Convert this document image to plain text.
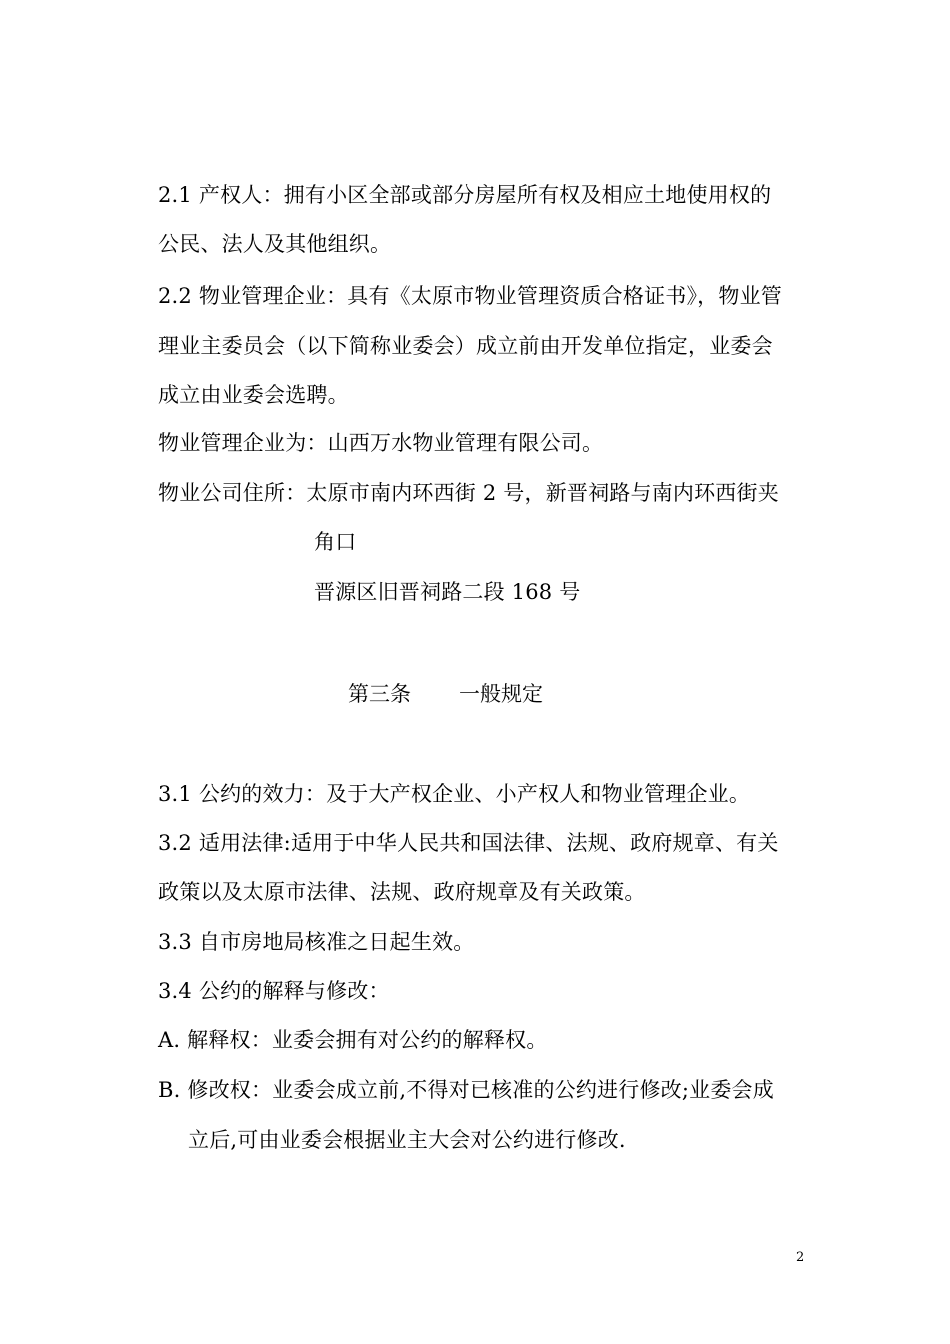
2.1 产权人：拥有小区全部或部分房屋所有权及相应土地使用权的
公民、法人及其他组织。
2.2 物业管理企业：具有《太原市物业管理资质合格证书》，物业管
理业主委员会（以下简称业委会）成立前由开发单位指定，业委会
成立由业委会选聘。
物业管理企业为：山西万水物业管理有限公司。
物业公司住所：太原市南内环西街 2 号，新晋祠路与南内环西街夹
角口
晋源区旧晋祠路二段 168 号
第三条 一般规定
3.1 公约的效力：及于大产权企业、小产权人和物业管理企业。
3.2 适用法律:适用于中华人民共和国法律、法规、政府规章、有关
政策以及太原市法律、法规、政府规章及有关政策。
3.3 自市房地局核准之日起生效。
3.4 公约的解释与修改：
A. 解释权：业委会拥有对公约的解释权。
B. 修改权：业委会成立前,不得对已核准的公约进行修改;业委会成
立后,可由业委会根据业主大会对公约进行修改.
2
